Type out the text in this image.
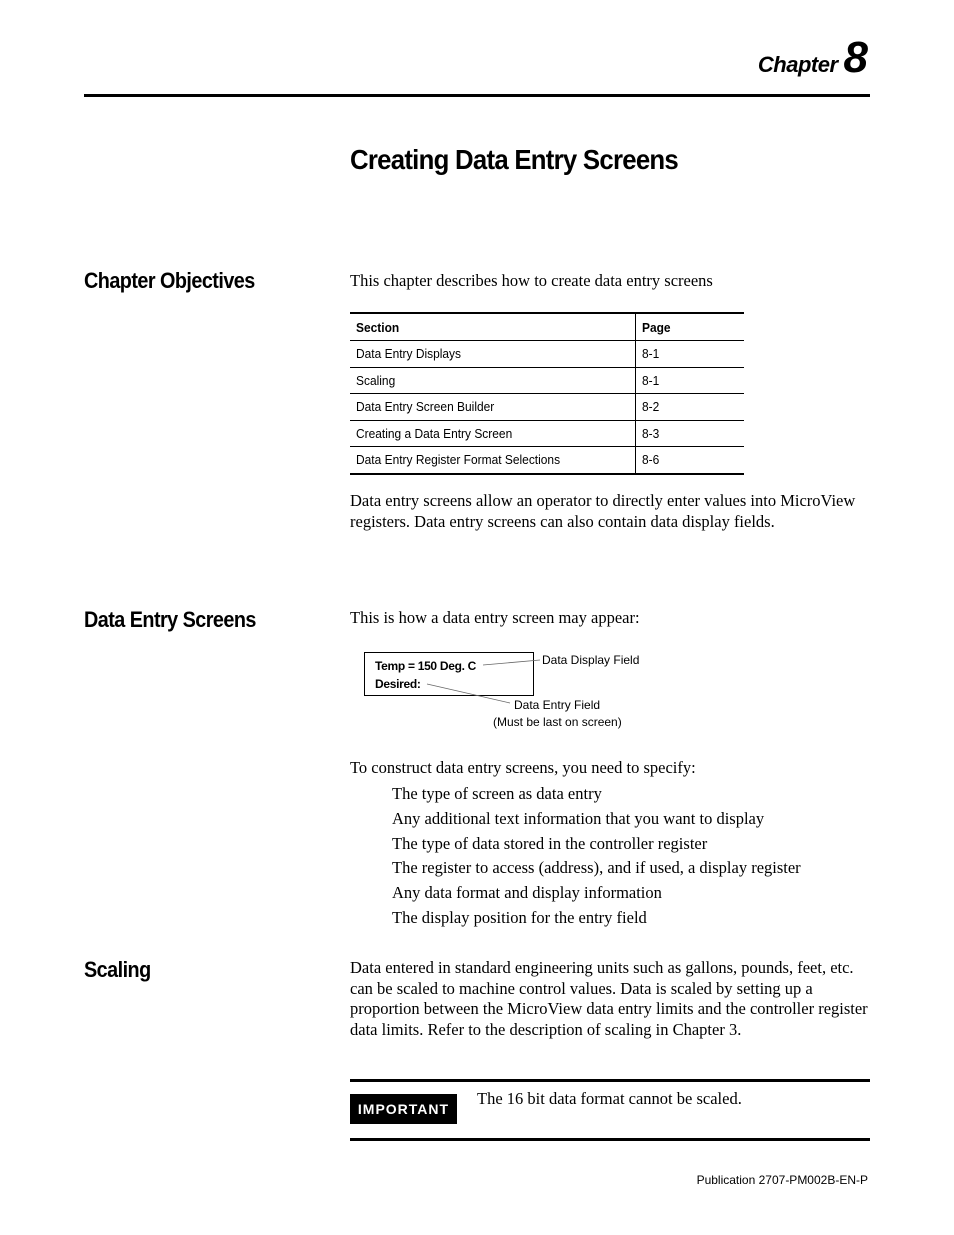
Chapter 8
Creating Data Entry Screens
Chapter Objectives	This chapter describes how to create data entry screens
Section	Page
Data Entry Displays	8-1
Scaling	8-1
Data Entry Screen Builder	8-2
Creating a Data Entry Screen	8-3
Data Entry Register Format Selections	8-6
Data entry screens allow an operator to directly enter values into MicroView registers. Data entry screens can also contain data display fields.
Data Entry Screens	This is how a data entry screen may appear:
Temp = 150 Deg. C
Desired:
Data Display Field
Data Entry Field
(Must be last on screen)
To construct data entry screens, you need to specify:
The type of screen as data entry
Any additional text information that you want to display
The type of data stored in the controller register
The register to access (address), and if used, a display register
Any data format and display information
The display position for the entry field
Scaling	Data entered in standard engineering units such as gallons, pounds, feet, etc. can be scaled to machine control values. Data is scaled by setting up a proportion between the MicroView data entry limits and the controller register data limits. Refer to the description of scaling in Chapter 3.
IMPORTANT
The 16 bit data format cannot be scaled.
Publication 2707-PM002B-EN-P
